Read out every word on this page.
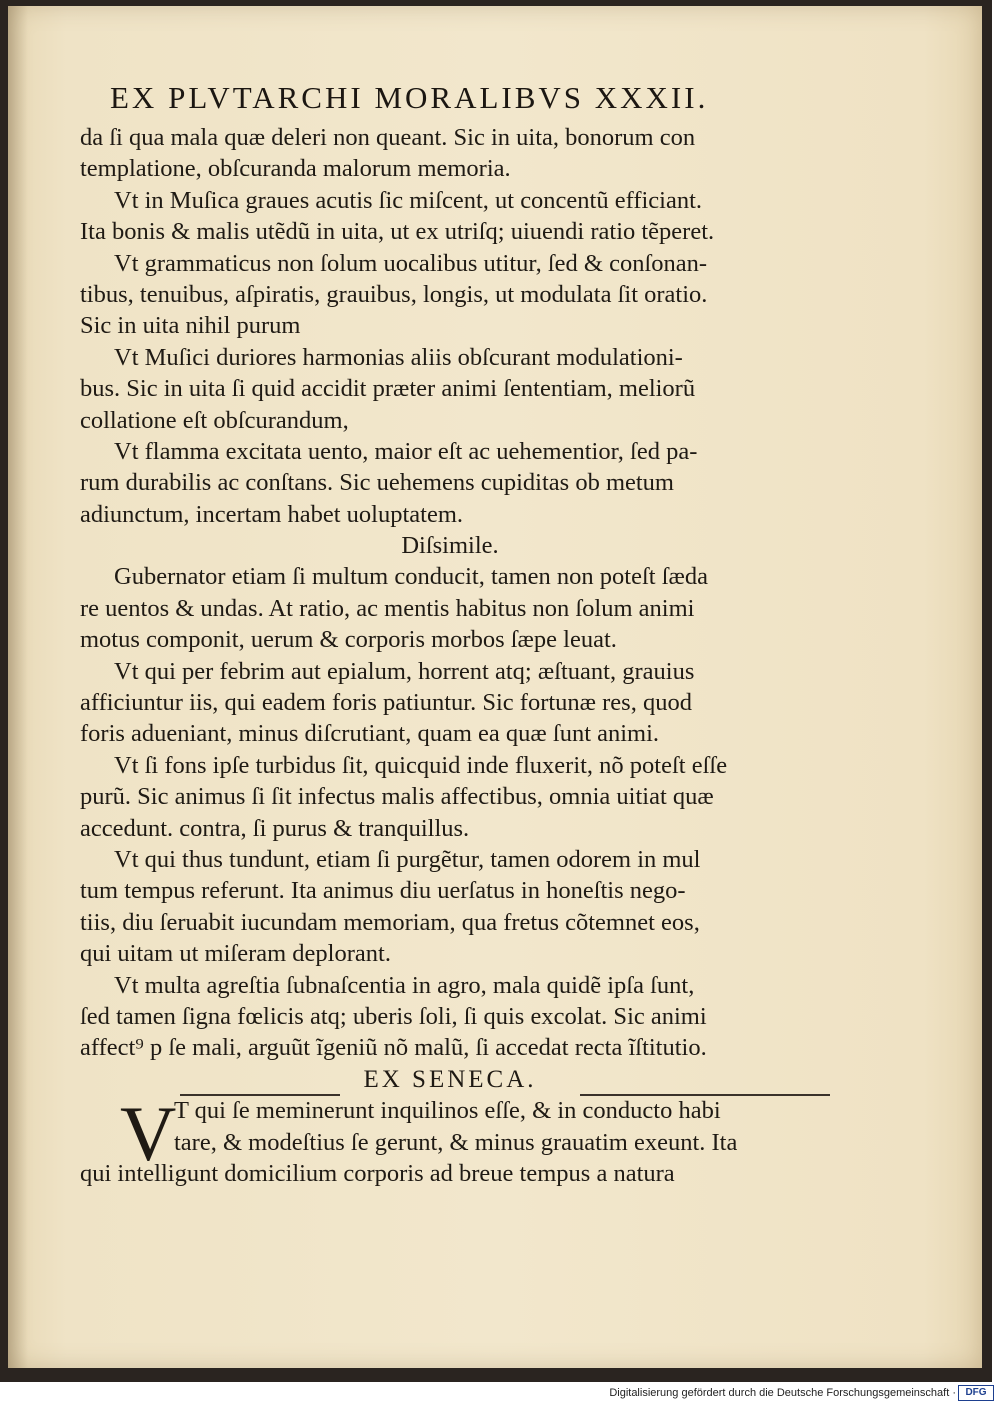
EX PLVTARCHI MORALIBVS XXXII.
da ſi qua mala quæ deleri non queant. Sic in uita, bonorum con
templatione, obſcuranda malorum memoria.
Vt in Muſica graues acutis ſic miſcent, ut concentũ efficiant.
Ita bonis & malis utẽdũ in uita, ut ex utriſq; uiuendi ratio tẽperet.
Vt grammaticus non ſolum uocalibus utitur, ſed & conſonan-
tibus, tenuibus, aſpiratis, grauibus, longis, ut modulata ſit oratio.
Sic in uita nihil purum
Vt Muſici duriores harmonias aliis obſcurant modulationi-
bus. Sic in uita ſi quid accidit præter animi ſententiam, meliorũ
collatione eſt obſcurandum,
Vt flamma excitata uento, maior eſt ac uehementior, ſed pa-
rum durabilis ac conſtans. Sic uehemens cupiditas ob metum
adiunctum, incertam habet uoluptatem.
Diſsimile.
Gubernator etiam ſi multum conducit, tamen non poteſt ſæda
re uentos & undas. At ratio, ac mentis habitus non ſolum animi
motus componit, uerum & corporis morbos ſæpe leuat.
Vt qui per febrim aut epialum, horrent atq; æſtuant, grauius
afficiuntur iis, qui eadem foris patiuntur. Sic fortunæ res, quod
foris adueniant, minus diſcrutiant, quam ea quæ ſunt animi.
Vt ſi fons ipſe turbidus ſit, quicquid inde fluxerit, nõ poteſt eſſe
purũ. Sic animus ſi ſit infectus malis affectibus, omnia uitiat quæ
accedunt. contra, ſi purus & tranquillus.
Vt qui thus tundunt, etiam ſi purgẽtur, tamen odorem in mul
tum tempus referunt. Ita animus diu uerſatus in honeſtis nego-
tiis, diu ſeruabit iucundam memoriam, qua fretus cõtemnet eos,
qui uitam ut miſeram deplorant.
Vt multa agreſtia ſubnaſcentia in agro, mala quidẽ ipſa ſunt,
ſed tamen ſigna fœlicis atq; uberis ſoli, ſi quis excolat. Sic animi
affect⁹ p ſe mali, arguũt ĩgeniũ nõ malũ, ſi accedat recta ĩſtitutio.
EX SENECA.
V
T qui ſe meminerunt inquilinos eſſe, & in conducto habi
tare, & modeſtius ſe gerunt, & minus grauatim exeunt. Ita
qui intelligunt domicilium corporis ad breue tempus a natura
Digitalisierung gefördert durch die Deutsche Forschungsgemeinschaft · DFG
